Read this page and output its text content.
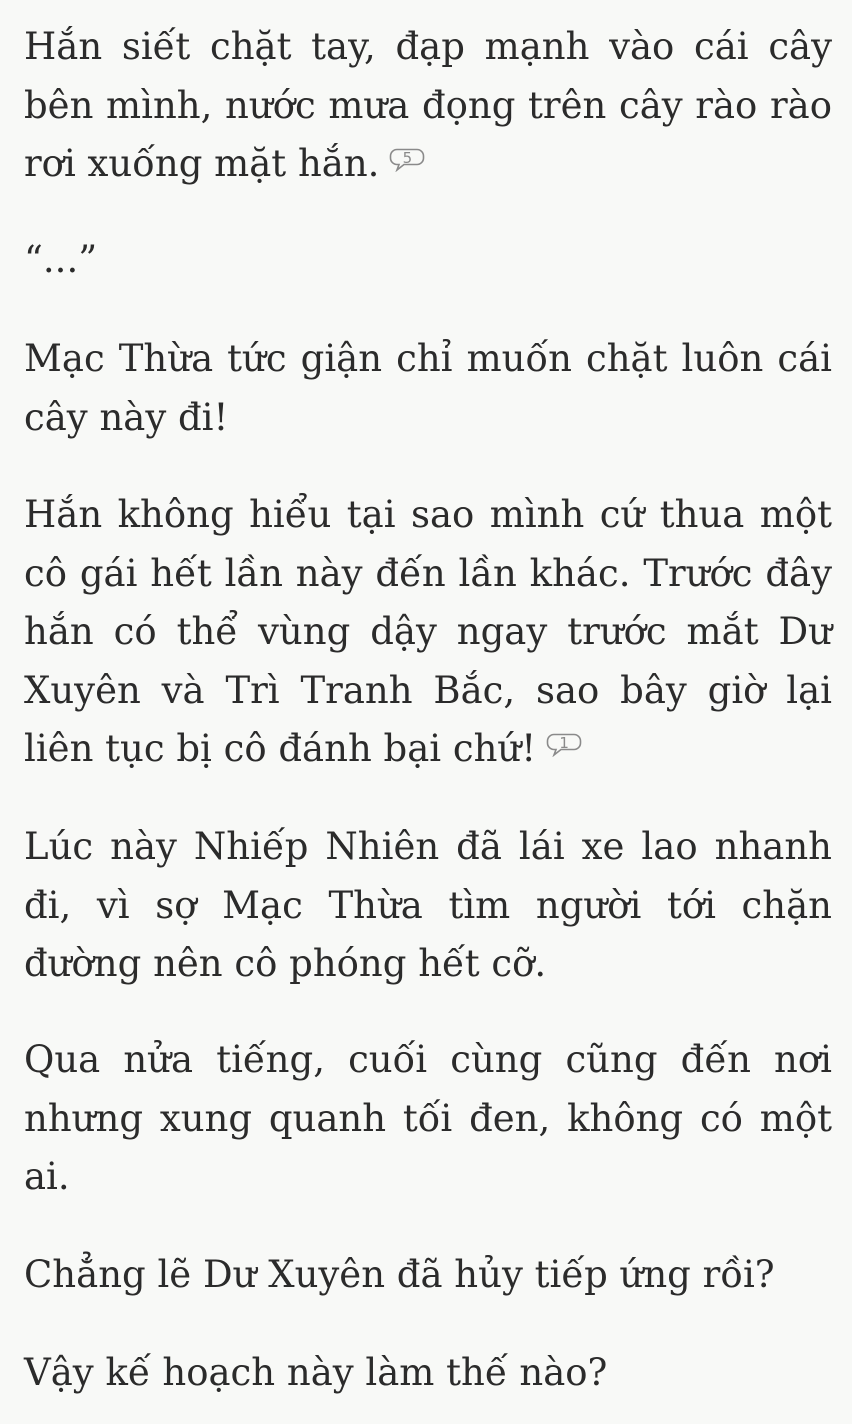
Hắn siết chặt tay, đạp mạnh vào cái cây bên mình, nước mưa đọng trên cây rào rào rơi xuống mặt hắn.	5

“...”

Mạc Thừa tức giận chỉ muốn chặt luôn cái cây này đi!

Hắn không hiểu tại sao mình cứ thua một cô gái hết lần này đến lần khác. Trước đây hắn có thể vùng dậy ngay trước mắt Dư Xuyên và Trì Tranh Bắc, sao bây giờ lại liên tục bị cô đánh bại chứ!	1

Lúc này Nhiếp Nhiên đã lái xe lao nhanh đi, vì sợ Mạc Thừa tìm người tới chặn đường nên cô phóng hết cỡ.

Qua nửa tiếng, cuối cùng cũng đến nơi nhưng xung quanh tối đen, không có một ai.

Chẳng lẽ Dư Xuyên đã hủy tiếp ứng rồi?

Vậy kế hoạch này làm thế nào?
